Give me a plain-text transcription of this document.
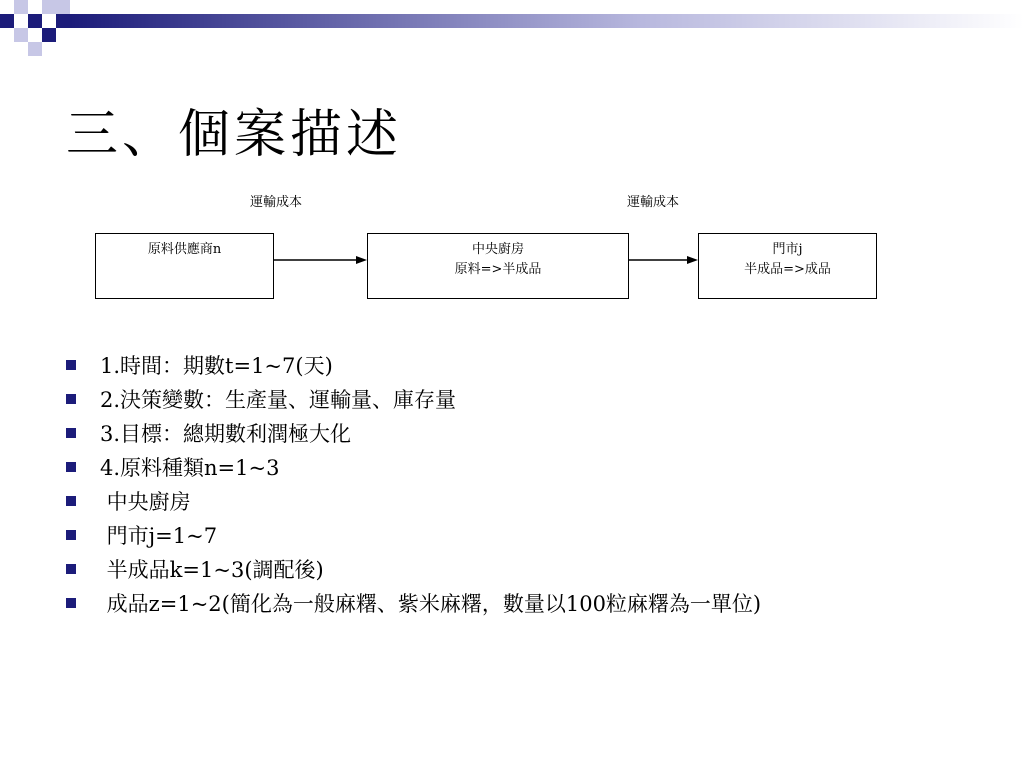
三、個案描述
運輸成本	運輸成本
原料供應商n	中央廚房
原料=>半成品
門市j
半成品=>成品
1.時間：期數t=1~7(天)
2.決策變數：生產量、運輸量、庫存量
3.目標：總期數利潤極大化
4.原料種類n=1~3
中央廚房
門市j=1~7
半成品k=1~3(調配後)
成品z=1~2(簡化為一般麻糬、紫米麻糬，數量以100粒麻糬為一單位)
